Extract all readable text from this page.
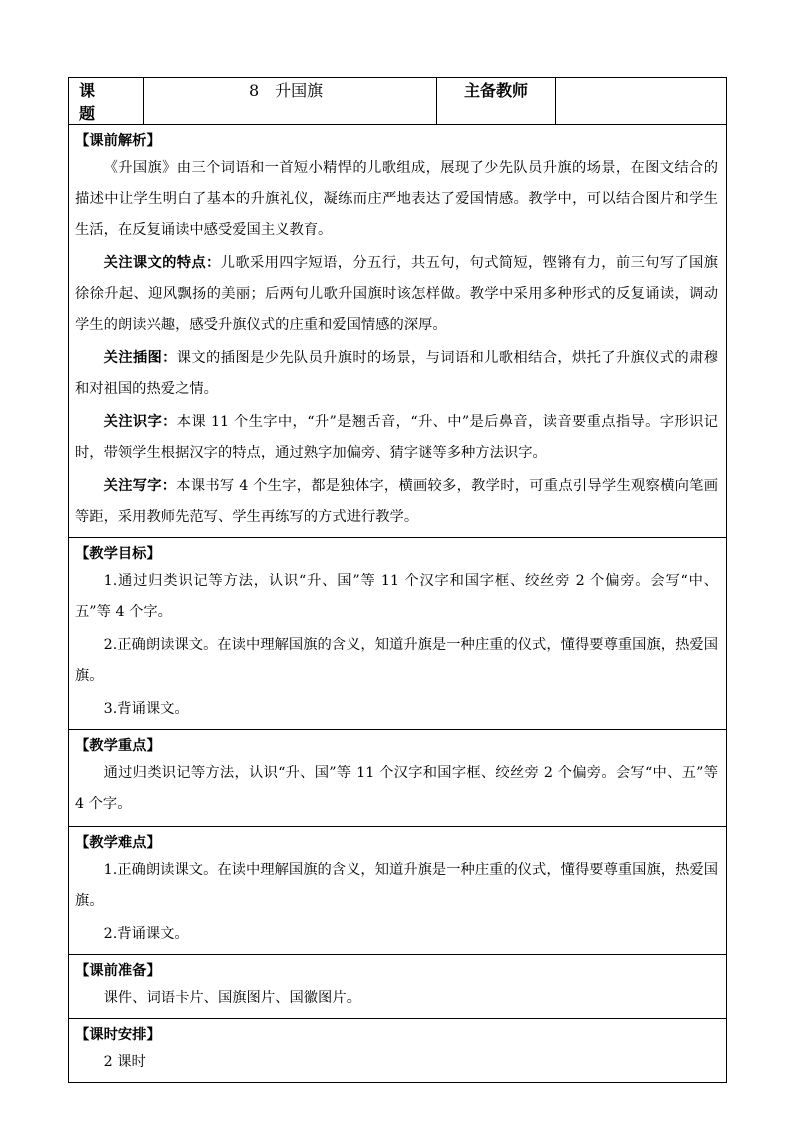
课　题	8　升国旗	主备教师	

【课前解析】

《升国旗》由三个词语和一首短小精悍的儿歌组成，展现了少先队员升旗的场景，在图文结合的描述中让学生明白了基本的升旗礼仪，凝练而庄严地表达了爱国情感。教学中，可以结合图片和学生生活，在反复诵读中感受爱国主义教育。

关注课文的特点：儿歌采用四字短语，分五行，共五句，句式简短，铿锵有力，前三句写了国旗徐徐升起、迎风飘扬的美丽；后两句儿歌升国旗时该怎样做。教学中采用多种形式的反复诵读，调动学生的朗读兴趣，感受升旗仪式的庄重和爱国情感的深厚。

关注插图：课文的插图是少先队员升旗时的场景，与词语和儿歌相结合，烘托了升旗仪式的肃穆和对祖国的热爱之情。

关注识字：本课 11 个生字中，“升”是翘舌音，“升、中”是后鼻音，读音要重点指导。字形识记时，带领学生根据汉字的特点，通过熟字加偏旁、猜字谜等多种方法识字。

关注写字：本课书写 4 个生字，都是独体字，横画较多，教学时，可重点引导学生观察横向笔画等距，采用教师先范写、学生再练写的方式进行教学。

【教学目标】

1.通过归类识记等方法，认识“升、国”等 11 个汉字和国字框、绞丝旁 2 个偏旁。会写“中、五”等 4 个字。

2.正确朗读课文。在读中理解国旗的含义，知道升旗是一种庄重的仪式，懂得要尊重国旗，热爱国旗。

3.背诵课文。

【教学重点】

通过归类识记等方法，认识“升、国”等 11 个汉字和国字框、绞丝旁 2 个偏旁。会写“中、五”等 4 个字。

【教学难点】

1.正确朗读课文。在读中理解国旗的含义，知道升旗是一种庄重的仪式，懂得要尊重国旗，热爱国旗。

2.背诵课文。

【课前准备】

课件、词语卡片、国旗图片、国徽图片。

【课时安排】

2 课时
